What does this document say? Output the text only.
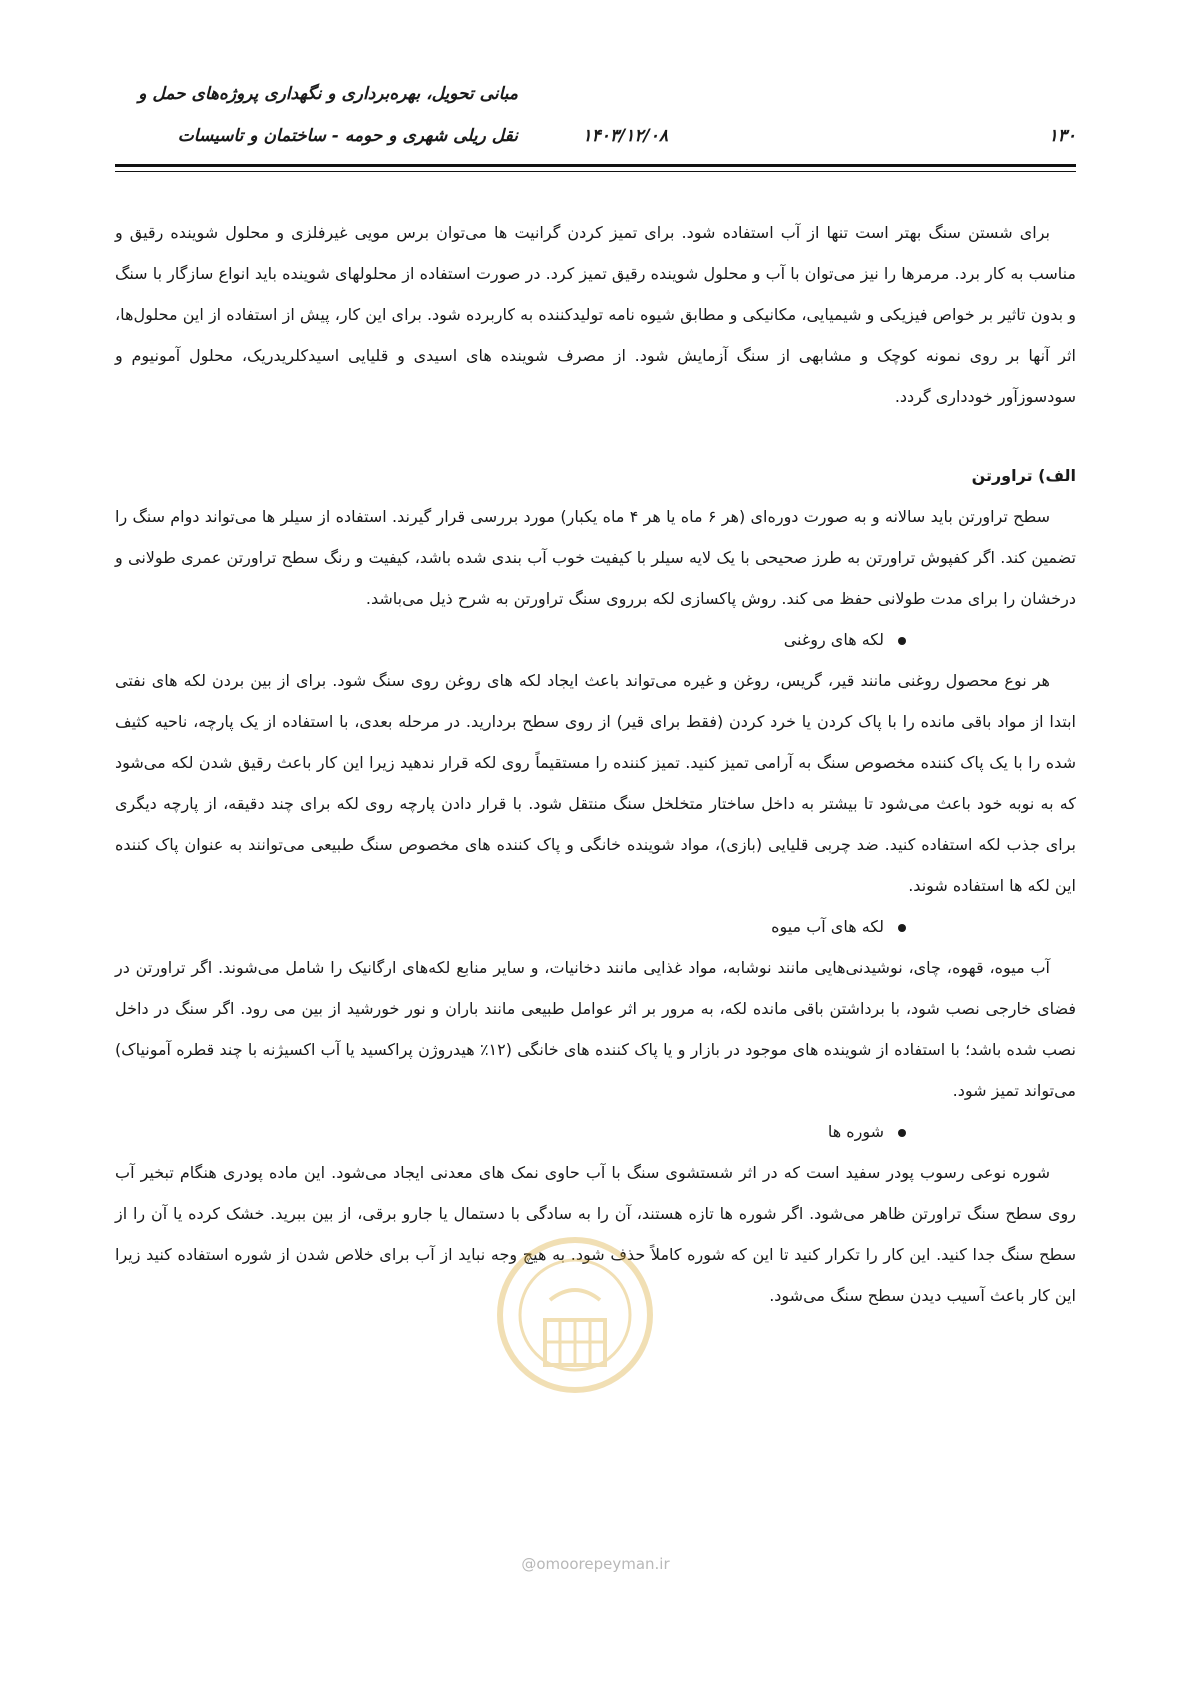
مبانی تحویل، بهره‌برداری و نگهداری پروژه‌های حمل و
نقل ریلی شهری و حومه - ساختمان و تاسیسات	۱۴۰۳/۱۲/۰۸	۱۳۰

برای شستن سنگ بهتر است تنها از آب استفاده شود. برای تمیز کردن گرانیت ها می‌توان برس مویی غیرفلزی و محلول شوینده رقیق و مناسب به کار برد. مرمرها را نیز می‌توان با آب و محلول شوینده رقیق تمیز کرد. در صورت استفاده از محلولهای شوینده باید انواع سازگار با سنگ و بدون تاثیر بر خواص فیزیکی و شیمیایی، مکانیکی و مطابق شیوه نامه تولیدکننده به کاربرده شود. برای این کار، پیش از استفاده از این محلول‌ها، اثر آنها بر روی نمونه کوچک و مشابهی از سنگ آزمایش شود. از مصرف شوینده های اسیدی و قلیایی اسیدکلریدریک، محلول آمونیوم و سودسوزآور خودداری گردد.

الف) تراورتن

سطح تراورتن باید سالانه و به صورت دوره‌ای (هر ۶ ماه یا هر ۴ ماه یکبار) مورد بررسی قرار گیرند. استفاده از سیلر ها می‌تواند دوام سنگ را تضمین کند. اگر کفپوش تراورتن به طرز صحیحی با یک لایه سیلر با کیفیت خوب آب بندی شده باشد، کیفیت و رنگ سطح تراورتن عمری طولانی و درخشان را برای مدت طولانی حفظ می کند. روش پاکسازی لکه برروی سنگ تراورتن به شرح ذیل می‌باشد.

لکه های روغنی

هر نوع محصول روغنی مانند قیر، گریس، روغن و غیره می‌تواند باعث ایجاد لکه های روغن روی سنگ شود. برای از بین بردن لکه های نفتی ابتدا از مواد باقی مانده را با پاک کردن یا خرد کردن (فقط برای قیر) از روی سطح بردارید. در مرحله بعدی، با استفاده از یک پارچه، ناحیه کثیف شده را با یک پاک کننده مخصوص سنگ به آرامی تمیز کنید. تمیز کننده را مستقیماً روی لکه قرار ندهید زیرا این کار باعث رقیق شدن لکه می‌شود که به نوبه خود باعث می‌شود تا بیشتر به داخل ساختار متخلخل سنگ منتقل شود. با قرار دادن پارچه روی لکه برای چند دقیقه، از پارچه دیگری برای جذب لکه استفاده کنید. ضد چربی قلیایی (بازی)، مواد شوینده خانگی و پاک کننده های مخصوص سنگ طبیعی می‌توانند به عنوان پاک کننده این لکه ها استفاده شوند.

لکه های آب میوه

آب میوه، قهوه، چای، نوشیدنی‌هایی مانند نوشابه، مواد غذایی مانند دخانیات، و سایر منابع لکه‌های ارگانیک را شامل می‌شوند. اگر تراورتن در فضای خارجی نصب شود، با برداشتن باقی مانده لکه، به مرور بر اثر عوامل طبیعی مانند باران و نور خورشید از بین می رود. اگر سنگ در داخل نصب شده باشد؛ با استفاده از شوینده های موجود در بازار و یا پاک کننده های خانگی (۱۲٪ هیدروژن پراکسید یا آب اکسیژنه با چند قطره آمونیاک) می‌تواند تمیز شود.

شوره ها

شوره نوعی رسوب پودر سفید است که در اثر شستشوی سنگ با آب حاوی نمک های معدنی ایجاد می‌شود. این ماده پودری هنگام تبخیر آب روی سطح سنگ تراورتن ظاهر می‌شود. اگر شوره ها تازه هستند، آن را به سادگی با دستمال یا جارو برقی، از بین ببرید. خشک کرده یا آن را از سطح سنگ جدا کنید. این کار را تکرار کنید تا این که شوره کاملاً حذف شود. به هیچ وجه نباید از آب برای خلاص شدن از شوره استفاده کنید زیرا این کار باعث آسیب دیدن سطح سنگ می‌شود.

@omoorepeyman.ir
